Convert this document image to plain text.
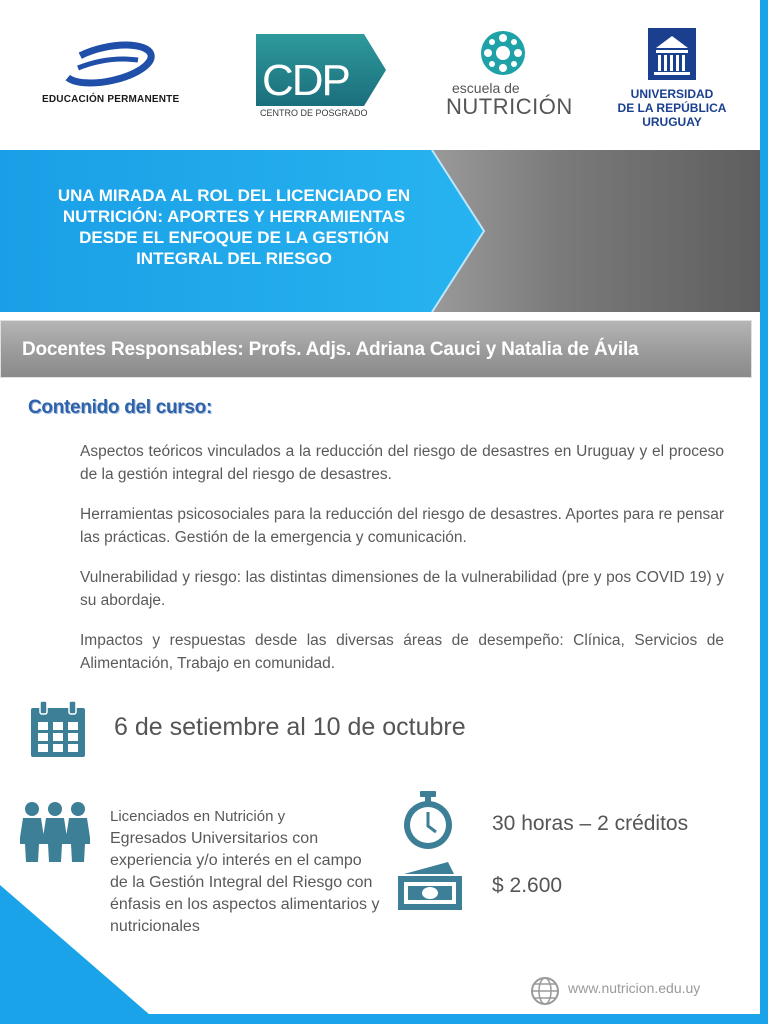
EDUCACIÓN PERMANENTE CDP
CENTRO DE POSGRADO
escuela de
NUTRICIÓN	UNIVERSIDAD
DE LA REPÚBLICA
URUGUAY
UNA MIRADA AL ROL DEL LICENCIADO EN
NUTRICIÓN: APORTES Y HERRAMIENTAS
DESDE EL ENFOQUE DE LA GESTIÓN
INTEGRAL DEL RIESGO
Docentes Responsables: Profs. Adjs. Adriana Cauci y Natalia de Ávila
Contenido del curso:

Aspectos teóricos vinculados a la reducción del riesgo de desastres en Uruguay y el proceso de la gestión integral del riesgo de desastres.

Herramientas psicosociales para la reducción del riesgo de desastres. Aportes para re pensar las prácticas. Gestión de la emergencia y comunicación.

Vulnerabilidad y riesgo: las distintas dimensiones de la vulnerabilidad (pre y pos COVID 19) y su abordaje.

Impactos y respuestas desde las diversas áreas de desempeño: Clínica, Servicios de Alimentación, Trabajo en comunidad.

6 de setiembre al 10 de octubre
Licenciados en Nutrición y
Egresados Universitarios con experiencia y/o interés en el campo de la Gestión Integral del Riesgo con énfasis en los aspectos alimentarios y nutricionales
30 horas – 2 créditos
$ 2.600
www.nutricion.edu.uy
